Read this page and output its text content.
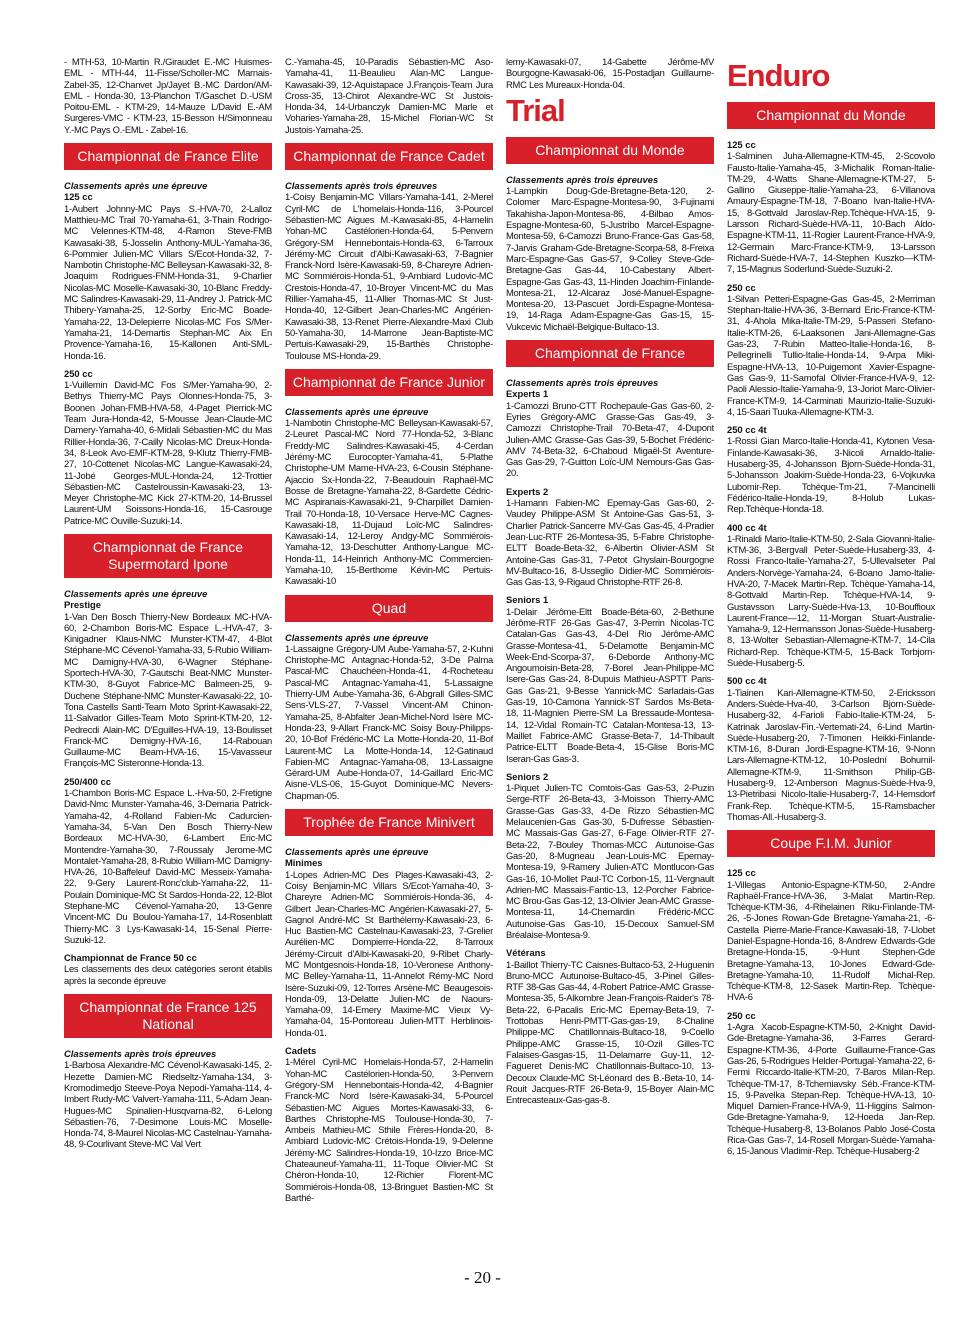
- MTH-53, 10-Martin R./Giraudet E.-MC Huismes-EML - MTH-44, 11-Fisse/Scholler-MC Marnais-Zabel-35, 12-Chanvet Jp/Jayet B.-MC Dardon/AM-EML - Honda-30, 13-Planchon T/Gaschet D.-USM Poitou-EML - KTM-29, 14-Mauze L/David E.-AM Surgeres-VMC - KTM-23, 15-Besson H/Simonneau Y.-MC Pays O.-EML - Zabel-16.

Championnat de France Elite
Classements après une épreuve
125 cc

1-Aubert Johnny-MC Pays S.-HVA-70, 2-Lalloz Matthieu-MC Trail 70-Yamaha-61, 3-Thain Rodrigo-MC Velennes-KTM-48, 4-Ramon Steve-FMB Kawasaki-38, 5-Josselin Anthony-MUL-Yamaha-36, 6-Pommier Julien-MC Villars S/Ecot-Honda-32, 7-Nambotin Christophe-MC Belleysan-Kawasaki-32, 8-Joaquim Rodrigues-FNM-Honda-31, 9-Charlier Nicolas-MC Moselle-Kawasaki-30, 10-Blanc Freddy-MC Salindres-Kawasaki-29, 11-Andrey J. Patrick-MC Thibery-Yamaha-25, 12-Sorby Eric-MC Boade-Yamaha-22, 13-Delepierre Nicolas-MC Fos S/Mer-Yamaha-21, 14-Demartis Stephan-MC Aix En Provence-Yamaha-16, 15-Kallonen Anti-SML-Honda-16.

250 cc

1-Vuillemin David-MC Fos S/Mer-Yamaha-90, 2-Bethys Thierry-MC Pays Olonnes-Honda-75, 3-Boonen Johan-FMB-HVA-58, 4-Paget Pierrick-MC Team Jura-Honda-42, 5-Mousse Jean-Claude-MC Damery-Yamaha-40, 6-Midali Sébastien-MC du Mas Rillier-Honda-36, 7-Cailly Nicolas-MC Dreux-Honda-34, 8-Leok Avo-EMF-KTM-28, 9-Klutz Thierry-FMB-27, 10-Cottenet Nicolas-MC Langue-Kawasaki-24, 11-Jobé Georges-MUL-Honda-24, 12-Trottier Sébastien-MC Castelroussin-Kawasaki-23, 13-Meyer Christophe-MC Kick 27-KTM-20, 14-Brussel Laurent-UM Soissons-Honda-16, 15-Casrouge Patrice-MC Ouville-Suzuki-14.

Championnat de France
Supermotard Ipone
Classements après une épreuve
Prestige

1-Van Den Bosch Thierry-New Bordeaux MC-HVA-60, 2-Chambon Boris-MC Espace L.-HVA-47, 3-Kinigadner Klaus-NMC Munster-KTM-47, 4-Blot Stéphane-MC Cévenol-Yamaha-33, 5-Rubio William-MC Damigny-HVA-30, 6-Wagner Stéphane-Sportech-HVA-30, 7-Gautschi Beat-NMC Munster-KTM-30, 8-Guyot Fabrice-MC Balmeen-25, 9-Duchene Stéphane-NMC Munster-Kawasaki-22, 10-Tona Castells Santi-Team Moto Sprint-Kawasaki-22, 11-Salvador Gilles-Team Moto Sprint-KTM-20, 12-Pedrecdi Alain-MC D'Eguilles-HVA-19, 13-Boulisset Franck-MC Demigny-HVA-16, 14-Rabouan Guillaume-MC Beam-HVA-16, 15-Vavasseur François-MC Sisteronne-Honda-13.

250/400 cc

1-Chambon Boris-MC Espace L.-Hva-50, 2-Fretigne David-Nmc Munster-Yamaha-46, 3-Demaria Patrick-Yamaha-42, 4-Rolland Fabien-Mc Cadurcien-Yamaha-34, 5-Van Den Bosch Thierry-New Bordeaux MC-HVA-30, 6-Lambert Eric-MC Montendre-Yamaha-30, 7-Roussaly Jerome-MC Montalet-Yamaha-28, 8-Rubio William-MC Damigny-HVA-26, 10-Baffeleuf David-MC Messeix-Yamaha-22, 9-Gery Laurent-Ronc'club-Yamaha-22, 11-Poulain Dominique-MC St Sardos-Honda-22, 12-Blot Stephane-MC Cévenol-Yamaha-20, 13-Genre Vincent-MC Du Boulou-Yamaha-17, 14-Rosenblatt Thierry-MC 3 Lys-Kawasaki-14, 15-Senal Pierre-Suzuki-12.

Championnat de France 50 cc

Les classements des deux catégories seront établis après la seconde épreuve

Championnat de France 125
National
Classements après trois épreuves

1-Barbosa Alexandre-MC Cévenol-Kawasaki-145, 2-Hezette Damien-MC Riedseltz-Yamaha-134, 3-Kromodimedjo Steeve-Poya Nepodi-Yamaha-114, 4-Imbert Rudy-MC Valvert-Yamaha-111, 5-Adam Jean-Hugues-MC Spinalien-Husqvarna-82, 6-Lelong Sébastien-76, 7-Desimone Louis-MC Moselle-Honda-74, 8-Maurel Nicolas-MC Castelnau-Yamaha-48, 9-Courlivant Steve-MC Val Vert

C.-Yamaha-45, 10-Paradis Sébastien-MC Aso-Yamaha-41, 11-Beaulieu Alan-MC Langue-Kawasaki-39, 12-Aquistapace J.François-Team Jura Cross-35, 13-Chirot Alexandre-WC St Justois-Honda-34, 14-Urbanczyk Damien-MC Marle et Voharies-Yamaha-28, 15-Michel Florian-WC St Justois-Yamaha-25.

Championnat de France Cadet
Classements après trois épreuves

1-Coisy Benjamin-MC Villars-Yamaha-141, 2-Merel Cyril-MC de L'homelais-Honda-116, 3-Pourcel Sébastien-MC Aigues M.-Kawasaki-85, 4-Hamelin Yohan-MC Castélorien-Honda-64, 5-Penvern Grégory-SM Hennebontais-Honda-63, 6-Tarroux Jérémy-MC Circuit d'Albi-Kawasaki-63, 7-Bagnier Franck-Nord Isère-Kawasaki-59, 8-Chareyre Adrien-MC Sommiérois-Honda-51, 9-Ambiard Ludovic-MC Crestois-Honda-47, 10-Broyer Vincent-MC du Mas Rillier-Yamaha-45, 11-Allier Thomas-MC St Just-Honda-40, 12-Gilbert Jean-Charles-MC Angérien-Kawasaki-38, 13-Renet Pierre-Alexandre-Maxi Club 50-Yamaha-30, 14-Marrone Jean-Baptiste-MC Pertuis-Kawasaki-29, 15-Barthès Christophe-Toulouse MS-Honda-29.

Championnat de France Junior
Classements après une épreuve

1-Nambotin Christophe-MC Belleysan-Kawasaki-57, 2-Leuret Pascal-MC Nord 77-Honda-52, 3-Blanc Freddy-MC Salindres-Kawasaki-45, 4-Cerdan Jérémy-MC Eurocopter-Yamaha-41, 5-Plathe Christophe-UM Mame-HVA-23, 6-Cousin Stéphane-Ajaccio Sx-Honda-22, 7-Beaudouin Raphaël-MC Bosse de Bretagne-Yamaha-22, 8-Gardette Cédric-MC Aspiranais-Kawasaki-21, 9-Charpillet Damien-Trail 70-Honda-18, 10-Versace Herve-MC Cagnes-Kawasaki-18, 11-Dujaud Loïc-MC Salindres-Kawasaki-14, 12-Leroy Andgy-MC Sommiérois-Yamaha-12, 13-Deschutter Anthony-Langue MC-Honda-11, 14-Heinrich Anthony-MC Commercien-Yamaha-10, 15-Berthome Kévin-MC Pertuis-Kawasaki-10

Quad
Classements après une épreuve

1-Lassaigne Grégory-UM Aube-Yamaha-57, 2-Kuhni Christophe-MC Antagnac-Honda-52, 3-De Palma Pascal-MC Chauchéen-Honda-41, 4-Rocheteau Pascal-MC Antagnac-Yamaha-41, 5-Lassaigne Thierry-UM Aube-Yamaha-36, 6-Abgrall Gilles-SMC Sens-VLS-27, 7-Vassel Vincent-AM Chinon-Yamaha-25, 8-Abfalter Jean-Michel-Nord Isère MC-Honda-23, 9-Allart Franck-MC Soisy Bouy-Philipps-20, 10-Bof Frédéric-MC La Motte-Honda-20, 11-Bof Laurent-MC La Motte-Honda-14, 12-Gatinaud Fabien-MC Antagnac-Yamaha-08, 13-Lassaigne Gérard-UM Aube-Honda-07, 14-Gaillard Eric-MC Aisne-VLS-06, 15-Guyot Dominique-MC Nevers-Chapman-05.

Trophée de France Minivert
Classements après une épreuve
Minimes

1-Lopes Adrien-MC Des Plages-Kawasaki-43, 2-Coisy Benjamin-MC Villars S/Ecot-Yamaha-40, 3-Chareyre Adrien-MC Sommiérois-Honda-36, 4-Gilbert Jean-Charles-MC Angérien-Kawasaki-27, 5-Gagnol André-MC St Barthélemy-Kawasaki-23, 6-Huc Bastien-MC Castelnau-Kawasaki-23, 7-Grelier Aurélien-MC Dompierre-Honda-22, 8-Tarroux Jérémy-Circuit d'Albi-Kawasaki-20, 9-Ribet Charly-MC Montgesnois-Honda-18, 10-Veronese Anthony-MC Belley-Yamaha-11, 11-Annelot Rémy-MC Nord Isère-Suzuki-09, 12-Torres Arsène-MC Beaugesois-Honda-09, 13-Delatte Julien-MC de Naours-Yamaha-09, 14-Emery Maxime-MC Vieux Vy-Yamaha-04, 15-Pontoreau Julien-MTT Herblinois-Honda-01.

Cadets

1-Mérel Cyril-MC Homelais-Honda-57, 2-Hamelin Yohan-MC Castélorien-Honda-50, 3-Penvern Grégory-SM Hennebontais-Honda-42, 4-Bagnier Franck-MC Nord Isère-Kawasaki-34, 5-Pourcel Sébastien-MC Aigues Mortes-Kawasaki-33, 6-Barthes Christophe-MS Toulouse-Honda-30, 7-Ambeis Mathieu-MC Sthile Frères-Honda-20, 8-Ambiard Ludovic-MC Crétois-Honda-19, 9-Delenne Jérémy-MC Salindres-Honda-19, 10-Izzo Brice-MC Chateauneuf-Yamaha-11, 11-Toque Olivier-MC St Chéron-Honda-10, 12-Richier Florent-MC Sommiérois-Honda-08, 13-Bringuet Bastien-MC St Barthé-

lemy-Kawasaki-07, 14-Gabette Jérôme-MV Bourgogne-Kawasaki-06, 15-Postadjan Guillaume-RMC Les Mureaux-Honda-04.

Trial
Championnat du Monde
Classements après trois épreuves

1-Lampkin Doug-Gde-Bretagne-Beta-120, 2-Colomer Marc-Espagne-Montesa-90, 3-Fujinami Takahisha-Japon-Montesa-86, 4-Bilbao Amos-Espagne-Montesa-60, 5-Justribo Marcel-Espagne-Montesa-59, 6-Camozzi Bruno-France-Gas Gas-58, 7-Jarvis Graham-Gde-Bretagne-Scorpa-58, 8-Freixa Marc-Espagne-Gas Gas-57, 9-Colley Steve-Gde-Bretagne-Gas Gas-44, 10-Cabestany Albert-Espagne-Gas Gas-43, 11-Hinden Joachim-Finlande-Montesa-21, 12-Alcaraz José-Manuel-Espagne-Montesa-20, 13-Pascuet Jordi-Espagne-Montesa-19, 14-Raga Adam-Espagne-Gas Gas-15, 15-Vukcevic Michaël-Belgique-Bultaco-13.

Championnat de France
Classements après trois épreuves
Experts 1

1-Camozzi Bruno-CTT Rochepaule-Gas Gas-60, 2-Eyries Grégory-AMC Grasse-Gas Gas-49, 3-Camozzi Christophe-Trail 70-Beta-47, 4-Dupont Julien-AMC Grasse-Gas Gas-39, 5-Bochet Frédéric-AMV 74-Beta-32, 6-Chaboud Migaël-St Aventure-Gas Gas-29, 7-Guitton Loïc-UM Nemours-Gas Gas-20.

Experts 2

1-Hamann Fabien-MC Epernay-Gas Gas-60, 2-Vaudey Philippe-ASM St Antoine-Gas Gas-51, 3-Charlier Patrick-Sancerre MV-Gas Gas-45, 4-Pradier Jean-Luc-RTF 26-Montesa-35, 5-Fabre Christophe-ELTT Boade-Beta-32, 6-Albertin Olivier-ASM St Antoine-Gas Gas-31, 7-Petot Ghyslain-Bourgogne MV-Bultaco-16, 8-Usseglio Didier-MC Sommiérois-Gas Gas-13, 9-Rigaud Christophe-RTF 26-8.

Seniors 1

1-Delair Jérôme-Eltt Boade-Béta-60, 2-Bethune Jérôme-RTF 26-Gas Gas-47, 3-Perrin Nicolas-TC Catalan-Gas Gas-43, 4-Del Rio Jérôme-AMC Grasse-Montesa-41, 5-Delamotte Benjamin-MC Week-End-Scorpa-37, 6-Deborde Anthony-MC Angoumoisin-Beta-28, 7-Borel Jean-Philippe-MC Isere-Gas Gas-24, 8-Dupuis Mathieu-ASPTT Paris-Gas Gas-21, 9-Besse Yannick-MC Sarladais-Gas Gas-19, 10-Camona Yannick-ST Sardos Ms-Beta-18, 11-Magnien Pierre-SM La Bressaude-Montesa-14, 12-Vidal Romain-TC Catalan-Montesa-13, 13-Maillet Fabrice-AMC Grasse-Beta-7, 14-Thibault Patrice-ELTT Boade-Beta-4, 15-Glise Boris-MC Iseran-Gas Gas-3.

Seniors 2

1-Piquet Julien-TC Comtois-Gas Gas-53, 2-Puzin Serge-RTF 26-Beta-43, 3-Moisson Thierry-AMC Grasse-Gas Gas-33, 4-De Rizzo Sébastien-MC Melaucenien-Gas Gas-30, 5-Dufresse Sébastien-MC Massais-Gas Gas-27, 6-Fage Olivier-RTF 27-Beta-22, 7-Bouley Thomas-MCC Autunoise-Gas Gas-20, 8-Mugneau Jean-Louis-MC Epernay-Montesa-19, 9-Ramery Julien-ATC Montlucon-Gas Gas-16, 10-Mollet Paul-TC Corbon-15, 11-Vergnault Adrien-MC Massais-Fantic-13, 12-Porcher Fabrice-MC Brou-Gas Gas-12, 13-Olivier Jean-AMC Grasse-Montesa-11, 14-Chemardin Frédéric-MCC Autunoise-Gas Gas-10, 15-Decoux Samuel-SM Bréalaise-Montesa-9.

Vétérans

1-Baillot Thierry-TC Caisnes-Bultaco-53, 2-Huguenin Bruno-MCC Autunoise-Bultaco-45, 3-Pinel Gilles-RTF 38-Gas Gas-44, 4-Robert Patrice-AMC Grasse-Montesa-35, 5-Alkombre Jean-François-Raider's 78-Beta-22, 6-Pacalis Eric-MC Epernay-Beta-19, 7-Trottobas Henri-PMTT-Gas-gas-19, 8-Chaline Philippe-MC Chatillonnais-Bultaco-18, 9-Coello Philippe-AMC Grasse-15, 10-Ozil Gilles-TC Falaises-Gasgas-15, 11-Delamarre Guy-11, 12-Fagueret Denis-MC Chatillonnais-Bultaco-10, 13-Decoux Claude-MC St-Léonard des B.-Beta-10, 14-Rouit Jacques-RTF 26-Beta-9, 15-Boyer Alain-MC Entrecasteaux-Gas-gas-8.

Enduro
Championnat du Monde
125 cc

1-Salminen Juha-Allemagne-KTM-45, 2-Scovolo Fausto-Italie-Yamaha-45, 3-Michalik Roman-Italie-TM-29, 4-Watts Shane-Allemagne-KTM-27, 5-Gallino Giuseppe-Italie-Yamaha-23, 6-Villanova Amaury-Espagne-TM-18, 7-Boano Ivan-Italie-HVA-15, 8-Gottvald Jaroslav-Rep.Tchèque-HVA-15, 9-Larsson Richard-Suède-HVA-11, 10-Bach Aldo-Espagne-KTM-11, 11-Rogier Laurent-France-HVA-9, 12-Germain Marc-France-KTM-9, 13-Larsson Richard-Suède-HVA-7, 14-Stephen Kuszko—KTM-7, 15-Magnus Soderlund-Suède-Suzuki-2.

250 cc

1-Silvan Petteri-Espagne-Gas Gas-45, 2-Merriman Stephan-Italie-HVA-36, 3-Bernard Eric-France-KTM-31, 4-Ahola Mika-Italie-TM-29, 5-Passeri Stefano-Italie-KTM-26, 6-Laaksonen Jani-Allemagne-Gas Gas-23, 7-Rubin Matteo-Italie-Honda-16, 8-Pellegrinelli Tullio-Italie-Honda-14, 9-Arpa Miki-Espagne-HVA-13, 10-Puigemont Xavier-Espagne-Gas Gas-9, 11-Samofal Olivier-France-HVA-9, 12-Paoli Alessio-Italie-Yamaha-9, 13-Joriot Marc-Olivier-France-KTM-9, 14-Carminati Maurizio-Italie-Suzuki-4, 15-Saari Tuuka-Allemagne-KTM-3.

250 cc 4t

1-Rossi Gian Marco-Italie-Honda-41, Kytonen Vesa-Finlande-Kawasaki-36, 3-Nicoli Arnaldo-Italie-Husaberg-35, 4-Johansson Bjorn-Suède-Honda-31, 5-Johansson Joakim-Suède-Honda-23, 6-Vojkuvka Lubomir-Rep. Tchèque-Tm-21, 7-Mancinelli Fédérico-Italie-Honda-19, 8-Holub Lukas-Rep.Tchèque-Honda-18.

400 cc 4t

1-Rinaldi Mario-Italie-KTM-50, 2-Sala Giovanni-Italie-KTM-36, 3-Bergvall Peter-Suède-Husaberg-33, 4-Rossi Franco-Italie-Yamaha-27, 5-Ullevalseter Pal Anders-Norvège-Yamaha-24, 6-Boano Jamo-Italie-HVA-20, 7-Macek Martin-Rep. Tchèque-Yamaha-14, 8-Gottvald Martin-Rep. Tchèque-HVA-14, 9-Gustavsson Larry-Suède-Hva-13, 10-Bouffioux Laurent-France—12, 11-Morgan Stuart-Australie-Yamaha-9, 12-Hermansson Jonas-Suède-Husaberg-8, 13-Wolter Sebastian-Allemagne-KTM-7, 14-Cila Richard-Rep. Tchèque-KTM-5, 15-Back Torbjorn-Suède-Husaberg-5.

500 cc 4t

1-Tiainen Kari-Allemagne-KTM-50, 2-Ericksson Anders-Suède-Hva-40, 3-Carlson Bjorn-Suède-Husaberg-32, 4-Farioli Fabio-Italie-KTM-24, 5-Katrinak Jaroslav-Fin.-Vertemati-24, 6-Lind Martin-Suède-Husaberg-20, 7-Timonen Heikki-Finlande-KTM-16, 8-Duran Jordi-Espagne-KTM-16, 9-Nonn Lars-Allemagne-KTM-12, 10-Poslední Bohumil-Allemagne-KTM-9, 11-Smithson Philip-GB-Husaberg-9, 12-Amberson Magnus-Suède-Hva-9, 13-Pietribasi Nicolo-Italie-Husaberg-7, 14-Hemsdorf Frank-Rep. Tchèque-KTM-5, 15-Ramsbacher Thomas-All.-Husaberg-3.

Coupe F.I.M. Junior
125 cc

1-Villegas Antonio-Espagne-KTM-50, 2-Andre Raphaël-France-HVA-36, 3-Malat Martin-Rep. Tchèque-KTM-36, 4-Rihelainen Riku-Finlande-TM-26, -5-Jones Rowan-Gde Bretagne-Yamaha-21, -6-Castella Pierre-Marie-France-Kawasaki-18, 7-Llobet Daniel-Espagne-Honda-16, 8-Andrew Edwards-Gde Bretagne-Honda-15, -9-Hunt Stephen-Gde Bretagne-Yamaha-13, 10-Jones Edward-Gde-Bretagne-Yamaha-10, 11-Rudolf Michal-Rep. Tchèque-KTM-8, 12-Sasek Martin-Rep. Tchèque-HVA-6

250 cc

1-Agra Xacob-Espagne-KTM-50, 2-Knight David-Gde-Bretagne-Yamaha-36, 3-Farres Gerard-Espagne-KTM-36, 4-Porte Guillaume-France-Gas Gas-26, 5-Rodrigues Helder-Portugal-Yamaha-22, 6-Fermi Riccardo-Italie-KTM-20, 7-Baros Milan-Rep. Tchèque-TM-17, 8-Tchemiavsky Séb.-France-KTM-15, 9-Pavelka Stepan-Rep. Tchèque-HVA-13, 10-Miquel Damien-France-HVA-9, 11-Higgins Salmon-Gde-Bretagne-Yamaha-9, 12-Hoeda Jan-Rep. Tchèque-Husaberg-8, 13-Bolanos Pablo José-Costa Rica-Gas Gas-7, 14-Rosell Morgan-Suède-Yamaha-6, 15-Janous Vladimir-Rep. Tchèque-Husaberg-2

- 20 -
